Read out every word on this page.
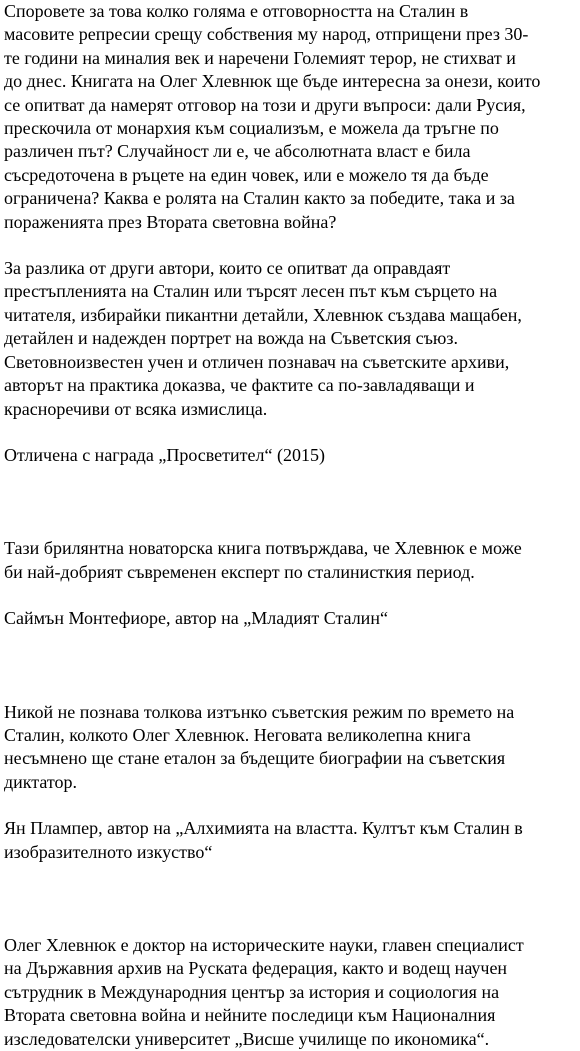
Споровете за това колко голяма е отговорността на Сталин в
масовите репресии срещу собствения му народ, отприщени през 30-
те години на миналия век и наречени Големият терор, не стихват и
до днес. Книгата на Олег Хлевнюк ще бъде интересна за онези, които
се опитват да намерят отговор на този и други въпроси: дали Русия,
прескочила от монархия към социализъм, е можела да тръгне по
различен път? Случайност ли е, че абсолютната власт е била
съсредоточена в ръцете на един човек, или е можело тя да бъде
ограничена? Каква е ролята на Сталин както за победите, така и за
пораженията през Втората световна война?

За разлика от други автори, които се опитват да оправдаят
престъпленията на Сталин или търсят лесен път към сърцето на
читателя, избирайки пикантни детайли, Хлевнюк създава мащабен,
детайлен и надежден портрет на вожда на Съветския съюз.
Световноизвестен учен и отличен познавач на съветските архиви,
авторът на практика доказва, че фактите са по-завладяващи и
красноречиви от всяка измислица.

Отличена с награда „Просветител“ (2015)

Тази брилянтна новаторска книга потвърждава, че Хлевнюк е може
би най-добрият съвременен експерт по сталинисткия период.

Саймън Монтефиоре, автор на „Младият Сталин“

Никой не познава толкова изтънко съветския режим по времето на
Сталин, колкото Олег Хлевнюк. Неговата великолепна книга
несъмнено ще стане еталон за бъдещите биографии на съветския
диктатор.

Ян Плампер, автор на „Алхимията на властта. Култът към Сталин в
изобразителното изкуство“

Олег Хлевнюк е доктор на историческите науки, главен специалист
на Държавния архив на Руската федерация, както и водещ научен
сътрудник в Международния център за история и социология на
Втората световна война и нейните последици към Националния
изследователски университет „Висше училище по икономика“.
